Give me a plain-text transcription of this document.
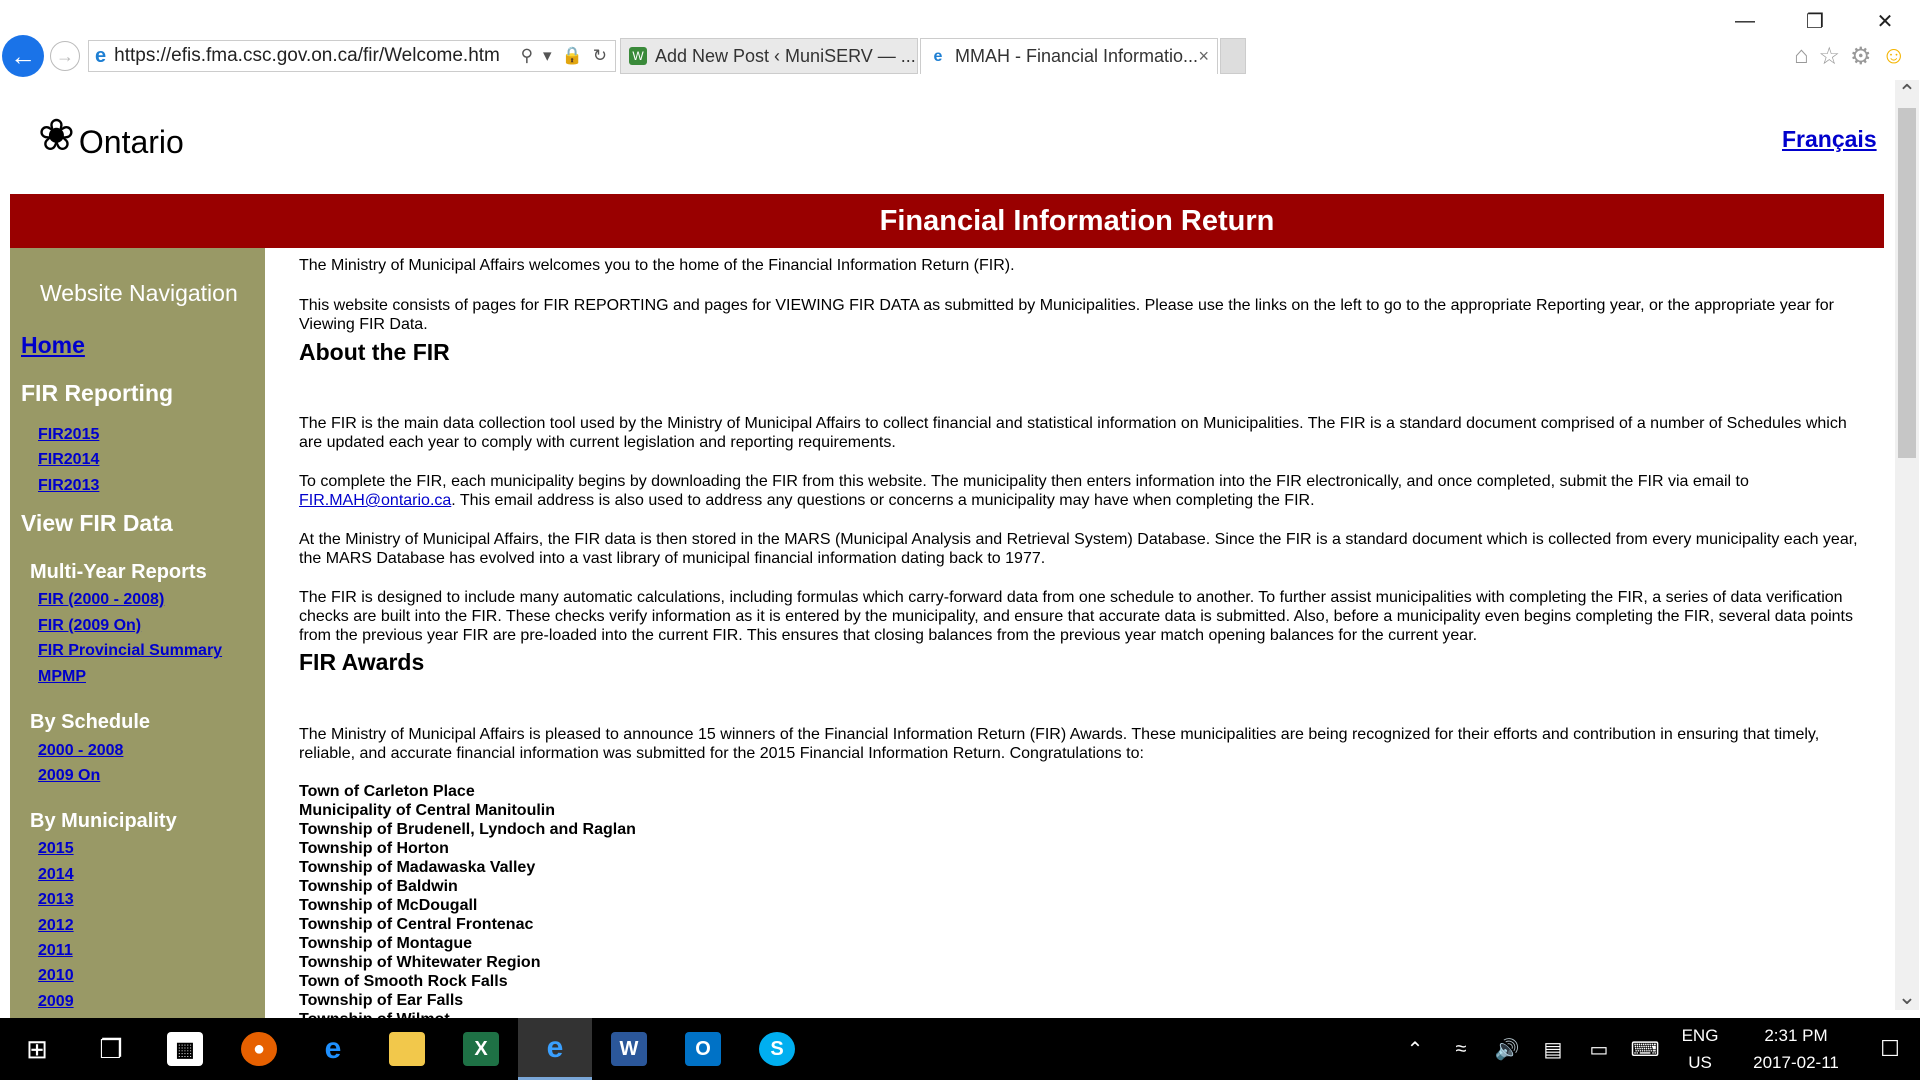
← → e https://efis.fma.csc.gov.on.ca/fir/Welcome.htm	⚲ ▾ 🔒 ↻ W Add New Post ‹ MuniSERV — ... e MMAH - Financial Informatio... ×
—	❐	✕
⌂ ☆ ⚙ ☺
❀ Ontario	Français
Financial Information Return
Website Navigation
Home
FIR Reporting
FIR2015
FIR2014
FIR2013
View FIR Data
Multi-Year Reports
FIR (2000 - 2008)
FIR (2009 On)
FIR Provincial Summary
MPMP
By Schedule
2000 - 2008
2009 On
By Municipality
2015
2014
2013
2012
2011
2010
2009

The Ministry of Municipal Affairs welcomes you to the home of the Financial Information Return (FIR).

This website consists of pages for FIR REPORTING and pages for VIEWING FIR DATA as submitted by Municipalities. Please use the links on the left to go to the appropriate Reporting year, or the appropriate year for Viewing FIR Data.

About the FIR

The FIR is the main data collection tool used by the Ministry of Municipal Affairs to collect financial and statistical information on Municipalities. The FIR is a standard document comprised of a number of Schedules which are updated each year to comply with current legislation and reporting requirements.

To complete the FIR, each municipality begins by downloading the FIR from this website. The municipality then enters information into the FIR electronically, and once completed, submit the FIR via email to FIR.MAH@ontario.ca. This email address is also used to address any questions or concerns a municipality may have when completing the FIR.

At the Ministry of Municipal Affairs, the FIR data is then stored in the MARS (Municipal Analysis and Retrieval System) Database. Since the FIR is a standard document which is collected from every municipality each year, the MARS Database has evolved into a vast library of municipal financial information dating back to 1977.

The FIR is designed to include many automatic calculations, including formulas which carry-forward data from one schedule to another. To further assist municipalities with completing the FIR, a series of data verification checks are built into the FIR. These checks verify information as it is entered by the municipality, and ensure that accurate data is submitted. Also, before a municipality even begins completing the FIR, several data points from the previous year FIR are pre-loaded into the current FIR. This ensures that closing balances from the previous year match opening balances for the current year.

FIR Awards

The Ministry of Municipal Affairs is pleased to announce 15 winners of the Financial Information Return (FIR) Awards. These municipalities are being recognized for their efforts and contribution in ensuring that timely, reliable, and accurate financial information was submitted for the 2015 Financial Information Return. Congratulations to:

Town of Carleton Place
Municipality of Central Manitoulin
Township of Brudenell, Lyndoch and Raglan
Township of Horton
Township of Madawaska Valley
Township of Baldwin
Township of McDougall
Township of Central Frontenac
Township of Montague
Township of Whitewater Region
Town of Smooth Rock Falls
Township of Ear Falls
⌃
⌄
⊞ ❐	▦	●	e	X	e	W	O	S	⌃	≈	🔊	▤	▭	⌨
ENG
US
2:31 PM
2017-02-11
☐
